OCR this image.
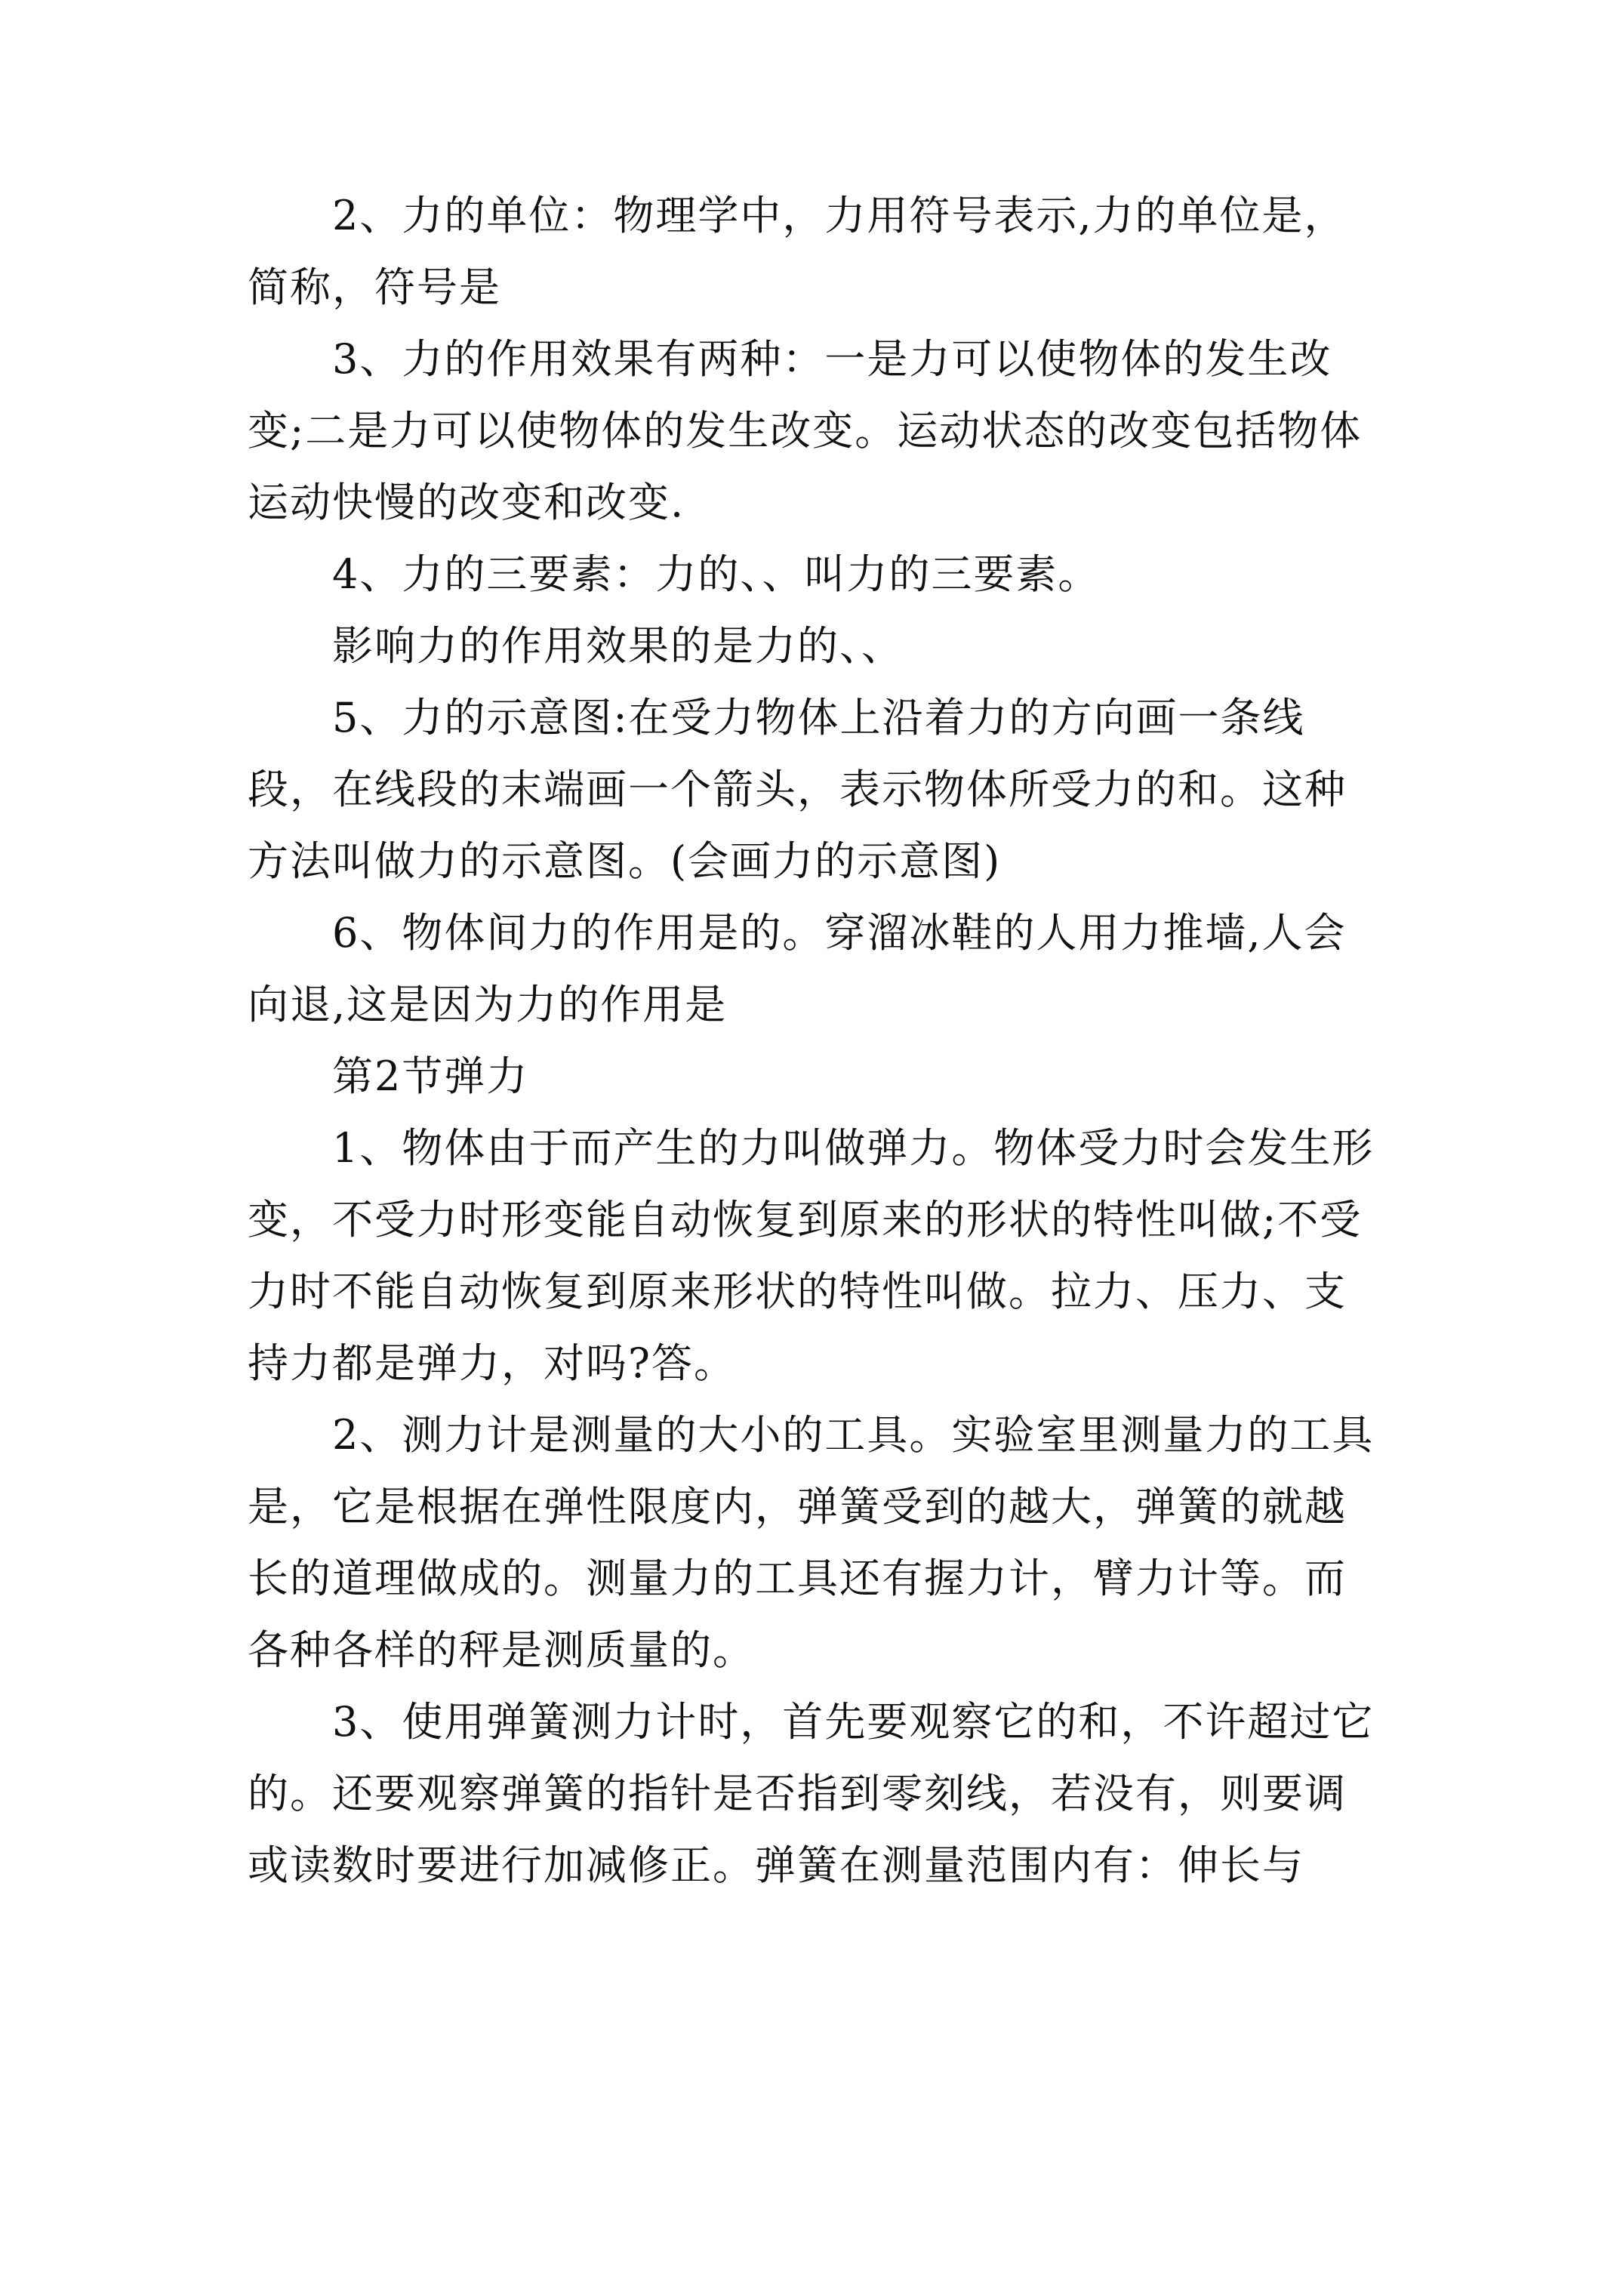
2、力的单位：物理学中，力用符号表示,力的单位是，简称，符号是

3、力的作用效果有两种：一是力可以使物体的发生改变;二是力可以使物体的发生改变。运动状态的改变包括物体运动快慢的改变和改变.

4、力的三要素：力的、、叫力的三要素。

影响力的作用效果的是力的、、

5、力的示意图:在受力物体上沿着力的方向画一条线段，在线段的末端画一个箭头，表示物体所受力的和。这种方法叫做力的示意图。(会画力的示意图)

6、物体间力的作用是的。穿溜冰鞋的人用力推墙,人会向退,这是因为力的作用是

第2节弹力

1、物体由于而产生的力叫做弹力。物体受力时会发生形变，不受力时形变能自动恢复到原来的形状的特性叫做;不受力时不能自动恢复到原来形状的特性叫做。拉力、压力、支持力都是弹力，对吗?答。

2、测力计是测量的大小的工具。实验室里测量力的工具是，它是根据在弹性限度内，弹簧受到的越大，弹簧的就越长的道理做成的。测量力的工具还有握力计，臂力计等。而各种各样的秤是测质量的。

3、使用弹簧测力计时，首先要观察它的和，不许超过它的。还要观察弹簧的指针是否指到零刻线，若没有，则要调或读数时要进行加减修正。弹簧在测量范围内有：伸长与
